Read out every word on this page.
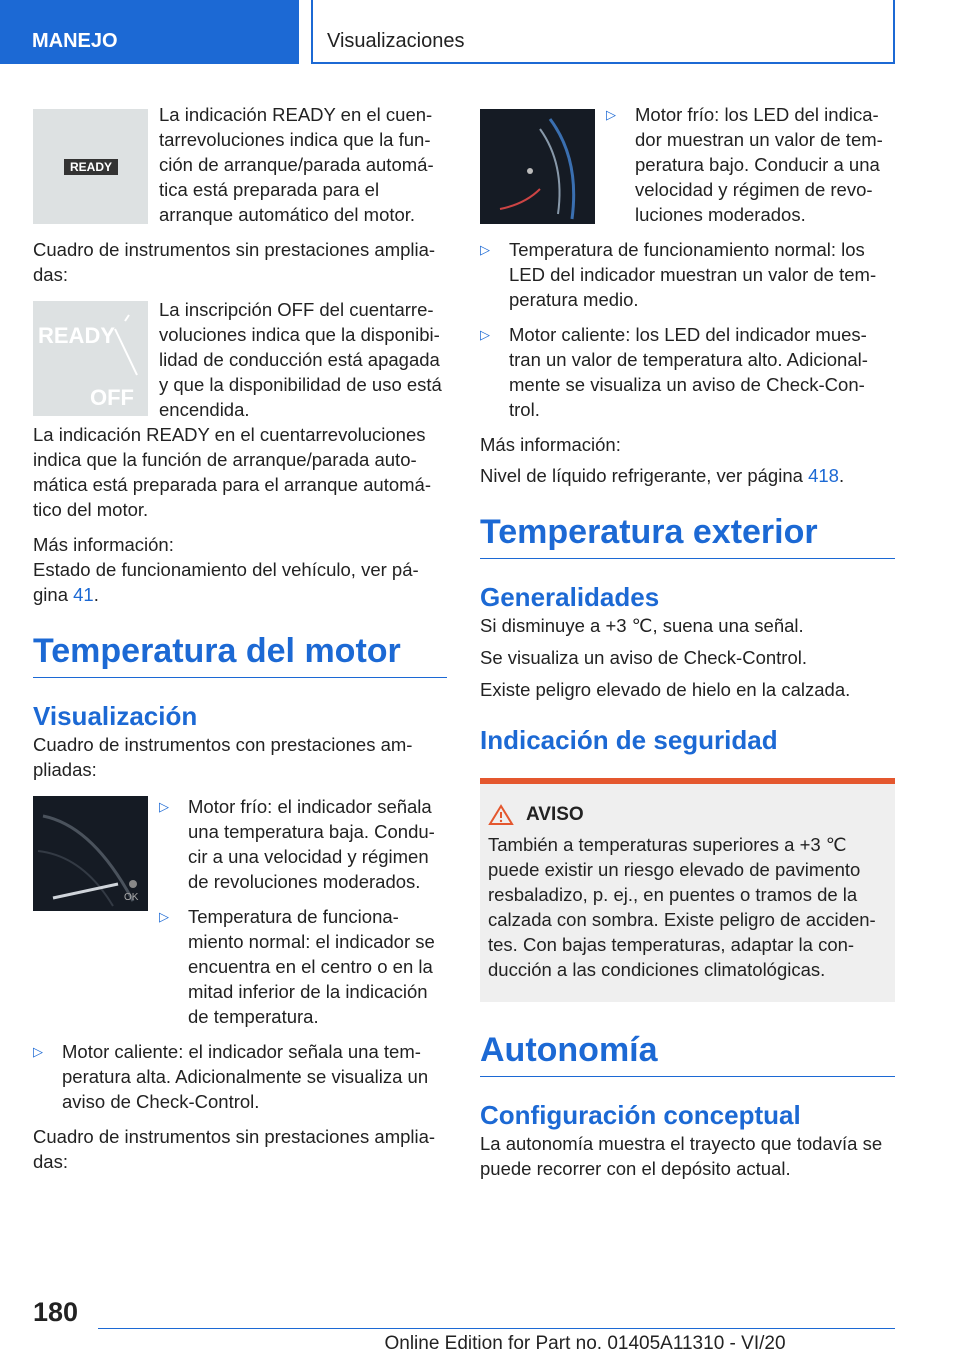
MANEJO	Visualizaciones
READY

La indicación READY en el cuen-tarrevoluciones indica que la fun-ción de arranque/parada automá-tica está preparada para el arranque automático del motor.

Cuadro de instrumentos sin prestaciones amplia-das:

READY
OFF

La inscripción OFF del cuentarre-voluciones indica que la disponibi-lidad de conducción está apagada y que la disponibilidad de uso está encendida.

La indicación READY en el cuentarrevoluciones indica que la función de arranque/parada auto-mática está preparada para el arranque automá-tico del motor.

Más información:

Estado de funcionamiento del vehículo, ver pá-gina 41.

Temperatura del motor
Visualización

Cuadro de instrumentos con prestaciones am-pliadas:

OK
▷	Motor frío: el indicador señala una temperatura baja. Condu-cir a una velocidad y régimen de revoluciones moderados.

▷	Temperatura de funciona-miento normal: el indicador se encuentra en el centro o en la mitad inferior de la indicación de temperatura.

▷	Motor caliente: el indicador señala una tem-peratura alta. Adicionalmente se visualiza un aviso de Check-Control.

Cuadro de instrumentos sin prestaciones amplia-das:

▷	Motor frío: los LED del indica-dor muestran un valor de tem-peratura bajo. Conducir a una velocidad y régimen de revo-luciones moderados.

▷	Temperatura de funcionamiento normal: los LED del indicador muestran un valor de tem-peratura medio.

▷	Motor caliente: los LED del indicador mues-tran un valor de temperatura alto. Adicional-mente se visualiza un aviso de Check-Con-trol.

Más información:

Nivel de líquido refrigerante, ver página 418.

Temperatura exterior
Generalidades

Si disminuye a +3 ℃, suena una señal.

Se visualiza un aviso de Check-Control.

Existe peligro elevado de hielo en la calzada.

Indicación de seguridad
AVISO

También a temperaturas superiores a +3 ℃ puede existir un riesgo elevado de pavimento resbaladizo, p. ej., en puentes o tramos de la calzada con sombra. Existe peligro de acciden-tes. Con bajas temperaturas, adaptar la con-ducción a las condiciones climatológicas.

Autonomía
Configuración conceptual

La autonomía muestra el trayecto que todavía se puede recorrer con el depósito actual.

180
Online Edition for Part no. 01405A11310 - VI/20
